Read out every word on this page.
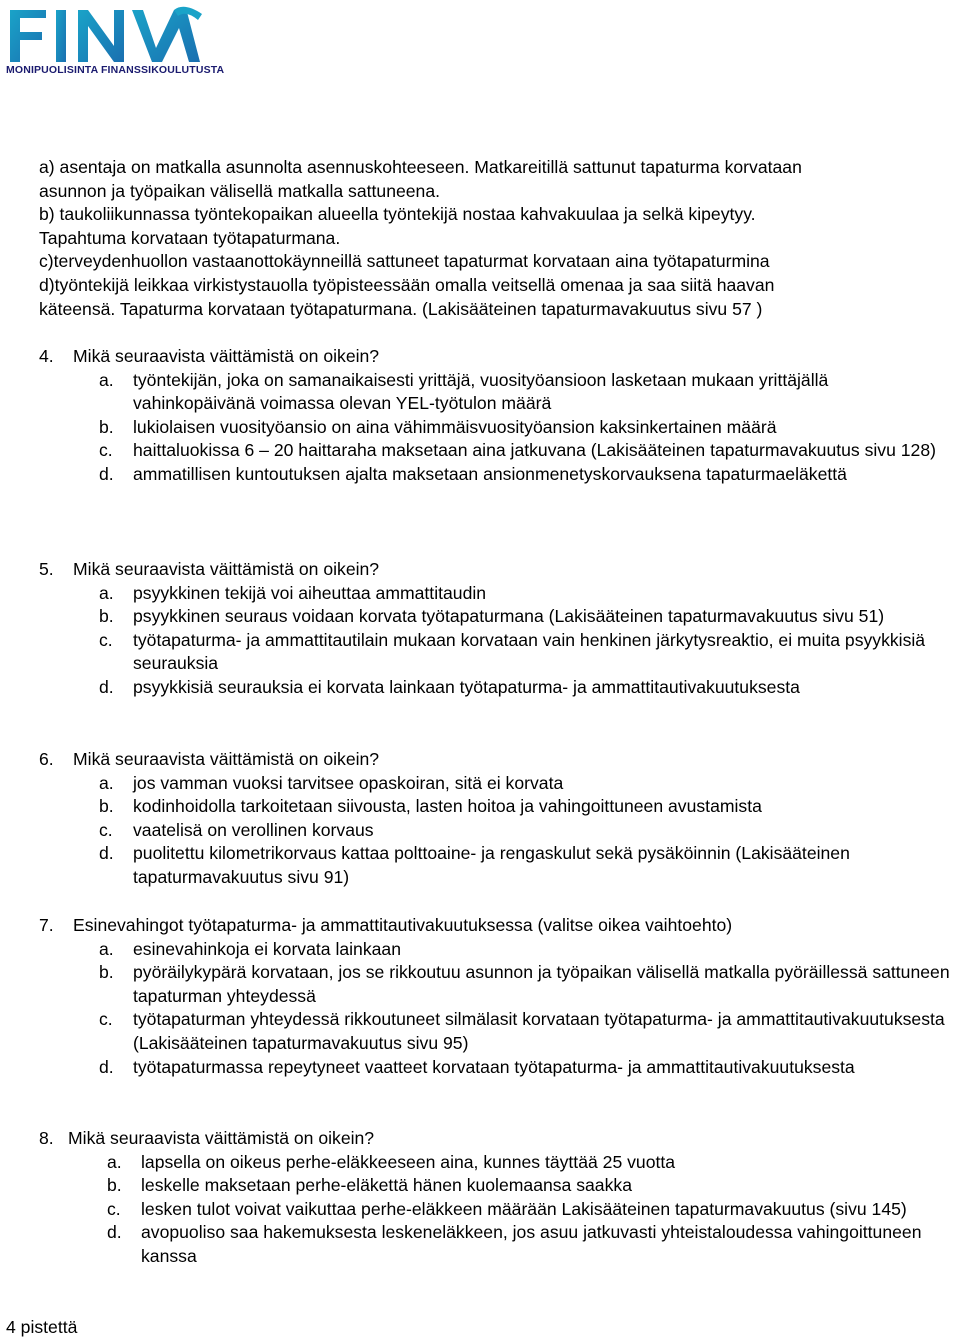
MONIPUOLISINTA FINANSSIKOULUTUSTA
a) asentaja on matkalla asunnolta asennuskohteeseen. Matkareitillä sattunut tapaturma korvataan
asunnon ja työpaikan välisellä matkalla sattuneena.
b) taukoliikunnassa työntekopaikan alueella työntekijä nostaa kahvakuulaa ja selkä kipeytyy.
Tapahtuma korvataan työtapaturmana.
c)terveydenhuollon vastaanottokäynneillä sattuneet tapaturmat korvataan aina työtapaturmina
d)työntekijä leikkaa virkistystauolla työpisteessään omalla veitsellä omenaa ja saa siitä haavan
käteensä. Tapaturma korvataan työtapaturmana. (Lakisääteinen tapaturmavakuutus sivu 57 )
4. Mikä seuraavista väittämistä on oikein?
a. työntekijän, joka on samanaikaisesti yrittäjä, vuosityöansioon lasketaan mukaan yrittäjällä vahinkopäivänä voimassa olevan YEL-työtulon määrä
b. lukiolaisen vuosityöansio on aina vähimmäisvuosityöansion kaksinkertainen määrä
c. haittaluokissa 6 – 20 haittaraha maksetaan aina jatkuvana (Lakisääteinen tapaturmavakuutus sivu 128)
d. ammatillisen kuntoutuksen ajalta maksetaan ansionmenetyskorvauksena tapaturmaeläkettä
5. Mikä seuraavista väittämistä on oikein?
a. psyykkinen tekijä voi aiheuttaa ammattitaudin
b. psyykkinen seuraus voidaan korvata työtapaturmana (Lakisääteinen tapaturmavakuutus sivu 51)
c. työtapaturma- ja ammattitautilain mukaan korvataan vain henkinen järkytysreaktio, ei muita psyykkisiä seurauksia
d. psyykkisiä seurauksia ei korvata lainkaan työtapaturma- ja ammattitautivakuutuksesta
6. Mikä seuraavista väittämistä on oikein?
a. jos vamman vuoksi tarvitsee opaskoiran, sitä ei korvata
b. kodinhoidolla tarkoitetaan siivousta, lasten hoitoa ja vahingoittuneen avustamista
c. vaatelisä on verollinen korvaus
d. puolitettu kilometrikorvaus kattaa polttoaine- ja rengaskulut sekä pysäköinnin (Lakisääteinen tapaturmavakuutus sivu 91)
7. Esinevahingot työtapaturma- ja ammattitautivakuutuksessa (valitse oikea vaihtoehto)
a. esinevahinkoja ei korvata lainkaan
b. pyöräilykypärä korvataan, jos se rikkoutuu asunnon ja työpaikan välisellä matkalla pyöräillessä sattuneen tapaturman yhteydessä
c. työtapaturman yhteydessä rikkoutuneet silmälasit korvataan työtapaturma- ja ammattitautivakuutuksesta (Lakisääteinen tapaturmavakuutus sivu 95)
d. työtapaturmassa repeytyneet vaatteet korvataan työtapaturma- ja ammattitautivakuutuksesta
8. Mikä seuraavista väittämistä on oikein?
a. lapsella on oikeus perhe-eläkkeeseen aina, kunnes täyttää 25 vuotta
b. leskelle maksetaan perhe-eläkettä hänen kuolemaansa saakka
c. lesken tulot voivat vaikuttaa perhe-eläkkeen määrään Lakisääteinen tapaturmavakuutus (sivu 145)
d. avopuoliso saa hakemuksesta leskeneläkkeen, jos asuu jatkuvasti yhteistaloudessa vahingoittuneen kanssa
4 pistettä
